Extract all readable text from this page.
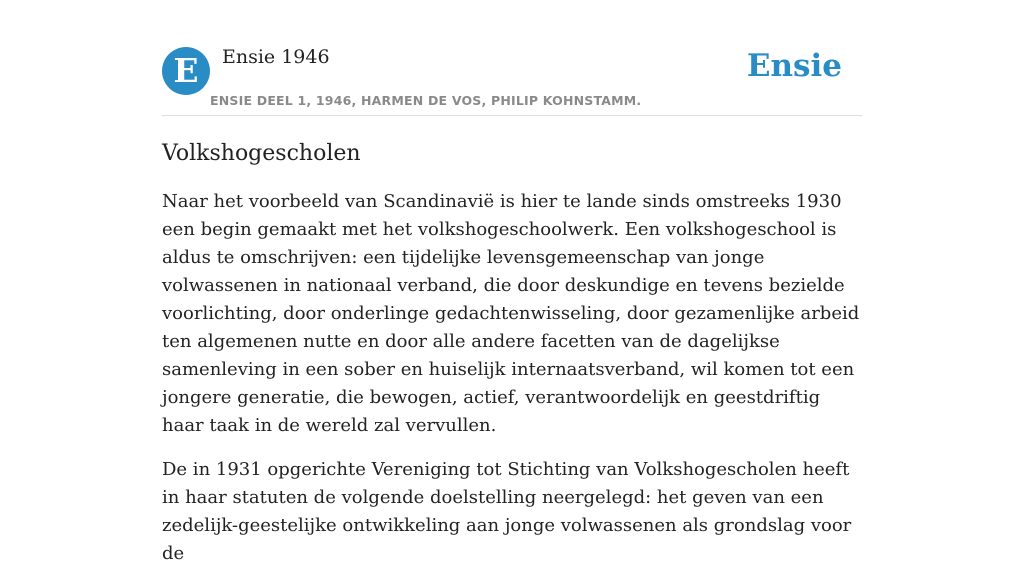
E	Ensie 1946
ENSIE DEEL 1, 1946, HARMEN DE VOS, PHILIP KOHNSTAMM.
Ensie
Volkshogescholen

Naar het voorbeeld van Scandinavië is hier te lande sinds omstreeks 1930 een begin gemaakt met het volkshogeschoolwerk. Een volkshogeschool is aldus te omschrijven: een tijdelijke levensgemeenschap van jonge volwassenen in nationaal verband, die door deskundige en tevens bezielde voorlichting, door onderlinge gedachtenwisseling, door gezamenlijke arbeid ten algemenen nutte en door alle andere facetten van de dagelijkse samenleving in een sober en huiselijk internaatsverband, wil komen tot een jongere generatie, die bewogen, actief, verantwoordelijk en geestdriftig haar taak in de wereld zal vervullen.

De in 1931 opgerichte Vereniging tot Stichting van Volkshogescholen heeft in haar statuten de volgende doelstelling neergelegd: het geven van een zedelijk-geestelijke ontwikkeling aan jonge volwassenen als grondslag voor de
